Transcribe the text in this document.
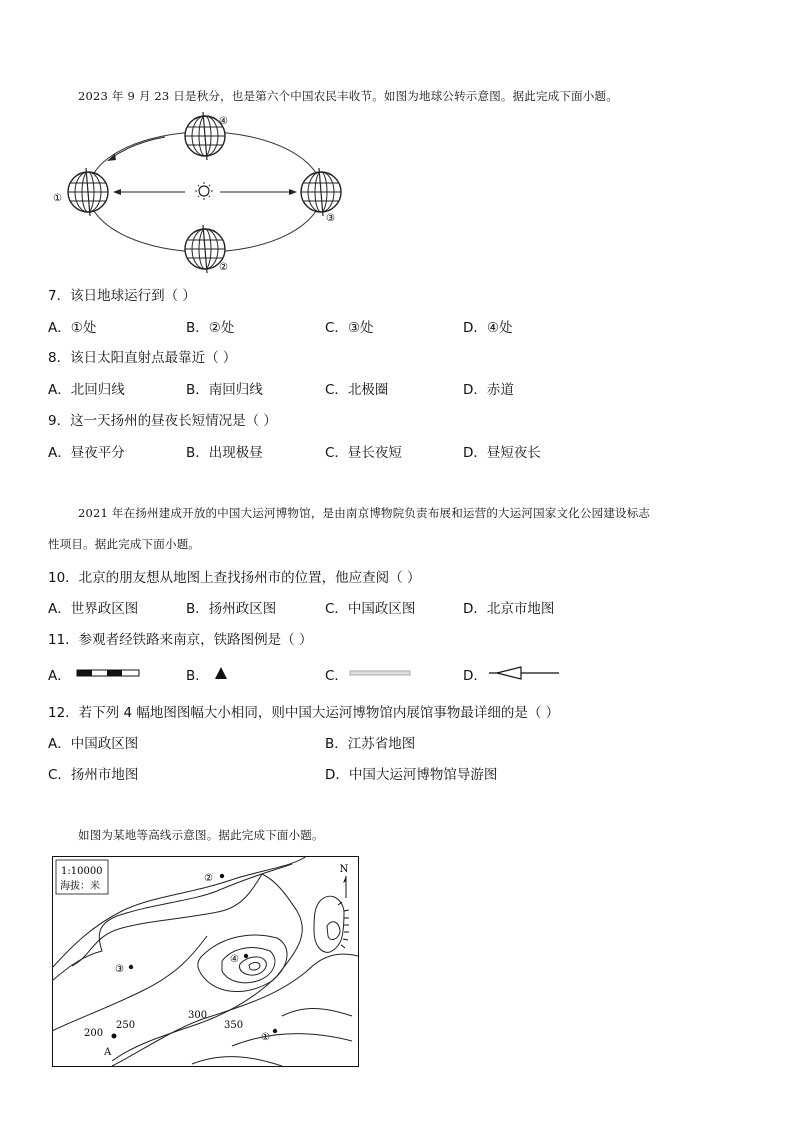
2023 年 9 月 23 日是秋分，也是第六个中国农民丰收节。如图为地球公转示意图。据此完成下面小题。
①
②
③
④
7．该日地球运行到（ ）
A．①处	B．②处	C．③处	D．④处
8．该日太阳直射点最靠近（ ）
A．北回归线	B．南回归线	C．北极圈	D．赤道
9．这一天扬州的昼夜长短情况是（ ）
A．昼夜平分	B．出现极昼	C．昼长夜短	D．昼短夜长
2021 年在扬州建成开放的中国大运河博物馆，是由南京博物院负责布展和运营的大运河国家文化公园建设标志
性项目。据此完成下面小题。
10．北京的朋友想从地图上查找扬州市的位置，他应查阅（ ）
A．世界政区图	B．扬州政区图	C．中国政区图	D．北京市地图
11．参观者经铁路来南京，铁路图例是（ ）
A．	B．	C．	D．
12．若下列 4 幅地图图幅大小相同，则中国大运河博物馆内展馆事物最详细的是（ ）
A．中国政区图	B．江苏省地图
C．扬州市地图	D．中国大运河博物馆导游图
如图为某地等高线示意图。据此完成下面小题。
1:10000
海拔：米
N
300
350
250
200
②
③
④
①
A
